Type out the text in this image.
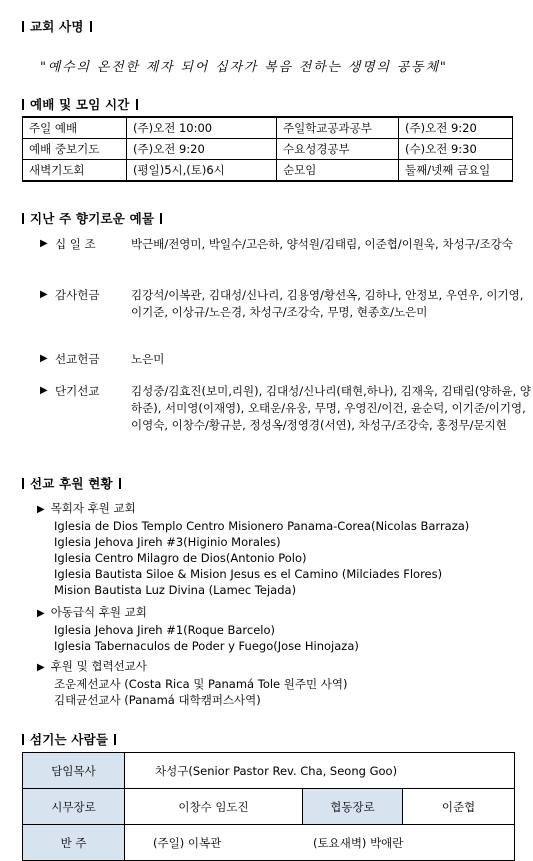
교회 사명
"예수의 온전한 제자 되어 십자가 복음 전하는 생명의 공동체"
예배 및 모임 시간
주일 예배	(주)오전 10:00	주일학교공과공부	(주)오전 9:20
예배 중보기도	(주)오전 9:20	수요성경공부	(수)오전 9:30
새벽기도회	(평일)5시,(토)6시	순모임	둘째/넷째 금요일
지난 주 향기로운 예물
▶ 십 일 조	박근배/전영미, 박일수/고은하, 양석원/김태림, 이준협/이원욱, 차성구/조강숙
▶ 감사헌금	김강석/이복관, 김대성/신나리, 김용영/황선옥, 김하나, 안정보, 우연우, 이기영, 이기준, 이상규/노은경, 차성구/조강숙, 무명, 현종호/노은미
▶ 선교헌금	노은미
▶ 단기선교	김성중/김효진(보미,리원), 김대성/신나리(태현,하나), 김재욱, 김태림(양하윤, 양하준), 서미영(이재영), 오태운/유웅, 무명, 우영진/이건, 윤순덕, 이기준/이기영, 이영숙, 이창수/황규분, 정성옥/정영경(서연), 차성구/조강숙, 홍정무/문지현
선교 후원 현황
▶ 목회자 후원 교회
Iglesia de Dios Templo Centro Misionero Panama-Corea(Nicolas Barraza)
Iglesia Jehova Jireh #3(Higinio Morales)
Iglesia Centro Milagro de Dios(Antonio Polo)
Iglesia Bautista Siloe & Mision Jesus es el Camino (Milciades Flores)
Mision Bautista Luz Divina (Lamec Tejada)
▶ 아동급식 후원 교회
Iglesia Jehova Jireh #1(Roque Barcelo)
Iglesia Tabernaculos de Poder y Fuego(Jose Hinojaza)
▶ 후원 및 협력선교사
조운제선교사 (Costa Rica 및 Panamá Tole 원주민 사역)
김태균선교사 (Panamá 대학캠퍼스사역)
섬기는 사람들
담임목사	차성구(Senior Pastor Rev. Cha, Seong Goo)		
시무장로	이창수 임도진	협동장로	이준협
반 주	(주일) 이복관 (토요새벽) 박애란		
